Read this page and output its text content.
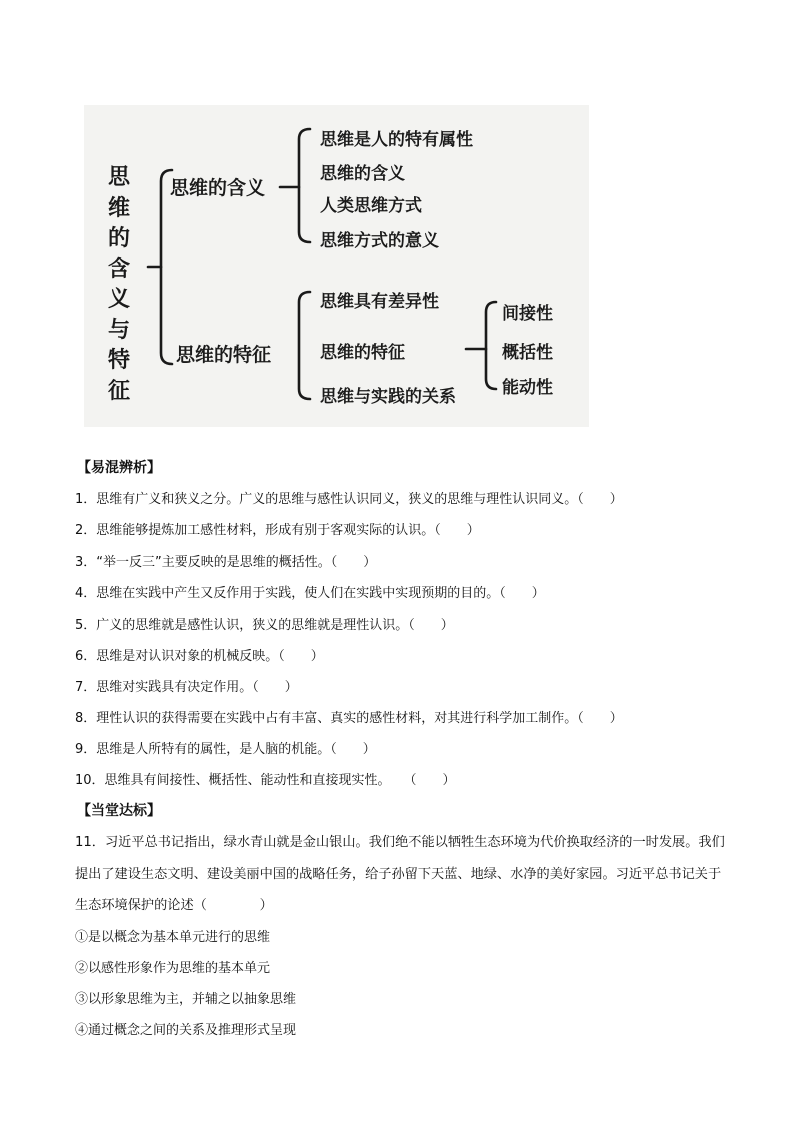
思维的含义与特征
思维的含义
思维的特征
思维是人的特有属性
思维的含义
人类思维方式
思维方式的意义
思维具有差异性
思维的特征
思维与实践的关系
间接性
概括性
能动性
【易混辨析】
1．思维有广义和狭义之分。广义的思维与感性认识同义，狭义的思维与理性认识同义。（　　）
2．思维能够提炼加工感性材料，形成有别于客观实际的认识。（　　）
3．“举一反三”主要反映的是思维的概括性。（　　）
4．思维在实践中产生又反作用于实践，使人们在实践中实现预期的目的。（　　）
5．广义的思维就是感性认识，狭义的思维就是理性认识。（　　）
6．思维是对认识对象的机械反映。（　　）
7．思维对实践具有决定作用。（　　）
8．理性认识的获得需要在实践中占有丰富、真实的感性材料，对其进行科学加工制作。（　　）
9．思维是人所特有的属性，是人脑的机能。（　　）
10．思维具有间接性、概括性、能动性和直接现实性。　　（　　）
【当堂达标】
11．习近平总书记指出，绿水青山就是金山银山。我们绝不能以牺牲生态环境为代价换取经济的一时发展。我们提出了建设生态文明、建设美丽中国的战略任务，给子孙留下天蓝、地绿、水净的美好家园。习近平总书记关于生态环境保护的论述（　　　　）
①是以概念为基本单元进行的思维
②以感性形象作为思维的基本单元
③以形象思维为主，并辅之以抽象思维
④通过概念之间的关系及推理形式呈现
